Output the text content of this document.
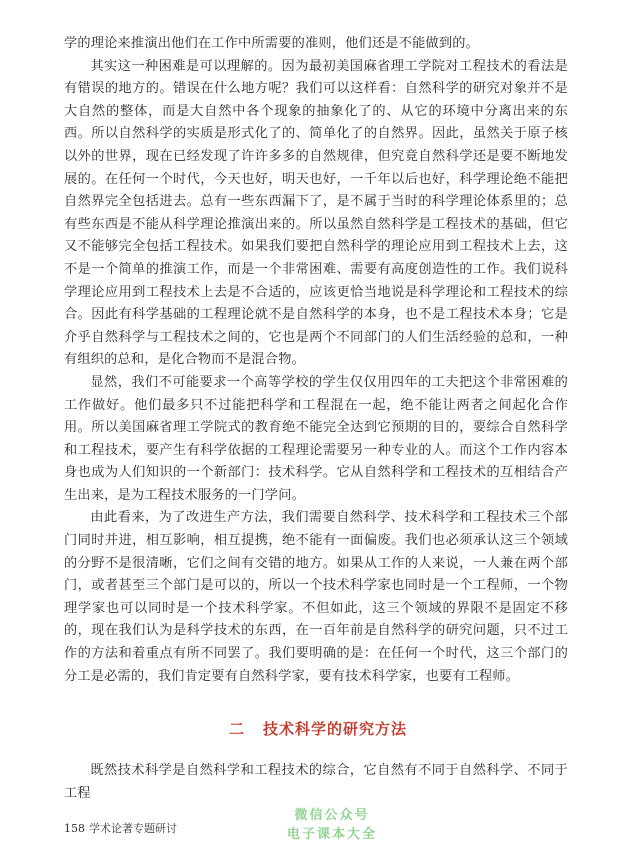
学的理论来推演出他们在工作中所需要的准则，他们还是不能做到的。

其实这一种困难是可以理解的。因为最初美国麻省理工学院对工程技术的看法是有错误的地方的。错误在什么地方呢？我们可以这样看：自然科学的研究对象并不是大自然的整体，而是大自然中各个现象的抽象化了的、从它的环境中分离出来的东西。所以自然科学的实质是形式化了的、简单化了的自然界。因此，虽然关于原子核以外的世界，现在已经发现了许许多多的自然规律，但究竟自然科学还是要不断地发展的。在任何一个时代，今天也好，明天也好，一千年以后也好，科学理论绝不能把自然界完全包括进去。总有一些东西漏下了，是不属于当时的科学理论体系里的；总有些东西是不能从科学理论推演出来的。所以虽然自然科学是工程技术的基础，但它又不能够完全包括工程技术。如果我们要把自然科学的理论应用到工程技术上去，这不是一个简单的推演工作，而是一个非常困难、需要有高度创造性的工作。我们说科学理论应用到工程技术上去是不合适的，应该更恰当地说是科学理论和工程技术的综合。因此有科学基础的工程理论就不是自然科学的本身，也不是工程技术本身；它是介乎自然科学与工程技术之间的，它也是两个不同部门的人们生活经验的总和，一种有组织的总和，是化合物而不是混合物。

显然，我们不可能要求一个高等学校的学生仅仅用四年的工夫把这个非常困难的工作做好。他们最多只不过能把科学和工程混在一起，绝不能让两者之间起化合作用。所以美国麻省理工学院式的教育绝不能完全达到它预期的目的，要综合自然科学和工程技术，要产生有科学依据的工程理论需要另一种专业的人。而这个工作内容本身也成为人们知识的一个新部门：技术科学。它从自然科学和工程技术的互相结合产生出来，是为工程技术服务的一门学问。

由此看来，为了改进生产方法，我们需要自然科学、技术科学和工程技术三个部门同时并进，相互影响，相互提携，绝不能有一面偏废。我们也必须承认这三个领域的分野不是很清晰，它们之间有交错的地方。如果从工作的人来说，一人兼在两个部门，或者甚至三个部门是可以的，所以一个技术科学家也同时是一个工程师，一个物理学家也可以同时是一个技术科学家。不但如此，这三个领域的界限不是固定不移的，现在我们认为是科学技术的东西，在一百年前是自然科学的研究问题，只不过工作的方法和着重点有所不同罢了。我们要明确的是：在任何一个时代，这三个部门的分工是必需的，我们肯定要有自然科学家，要有技术科学家，也要有工程师。

二 技术科学的研究方法

既然技术科学是自然科学和工程技术的综合，它自然有不同于自然科学、不同于工程

158 学术论著专题研讨
微信公众号
电子课本大全
